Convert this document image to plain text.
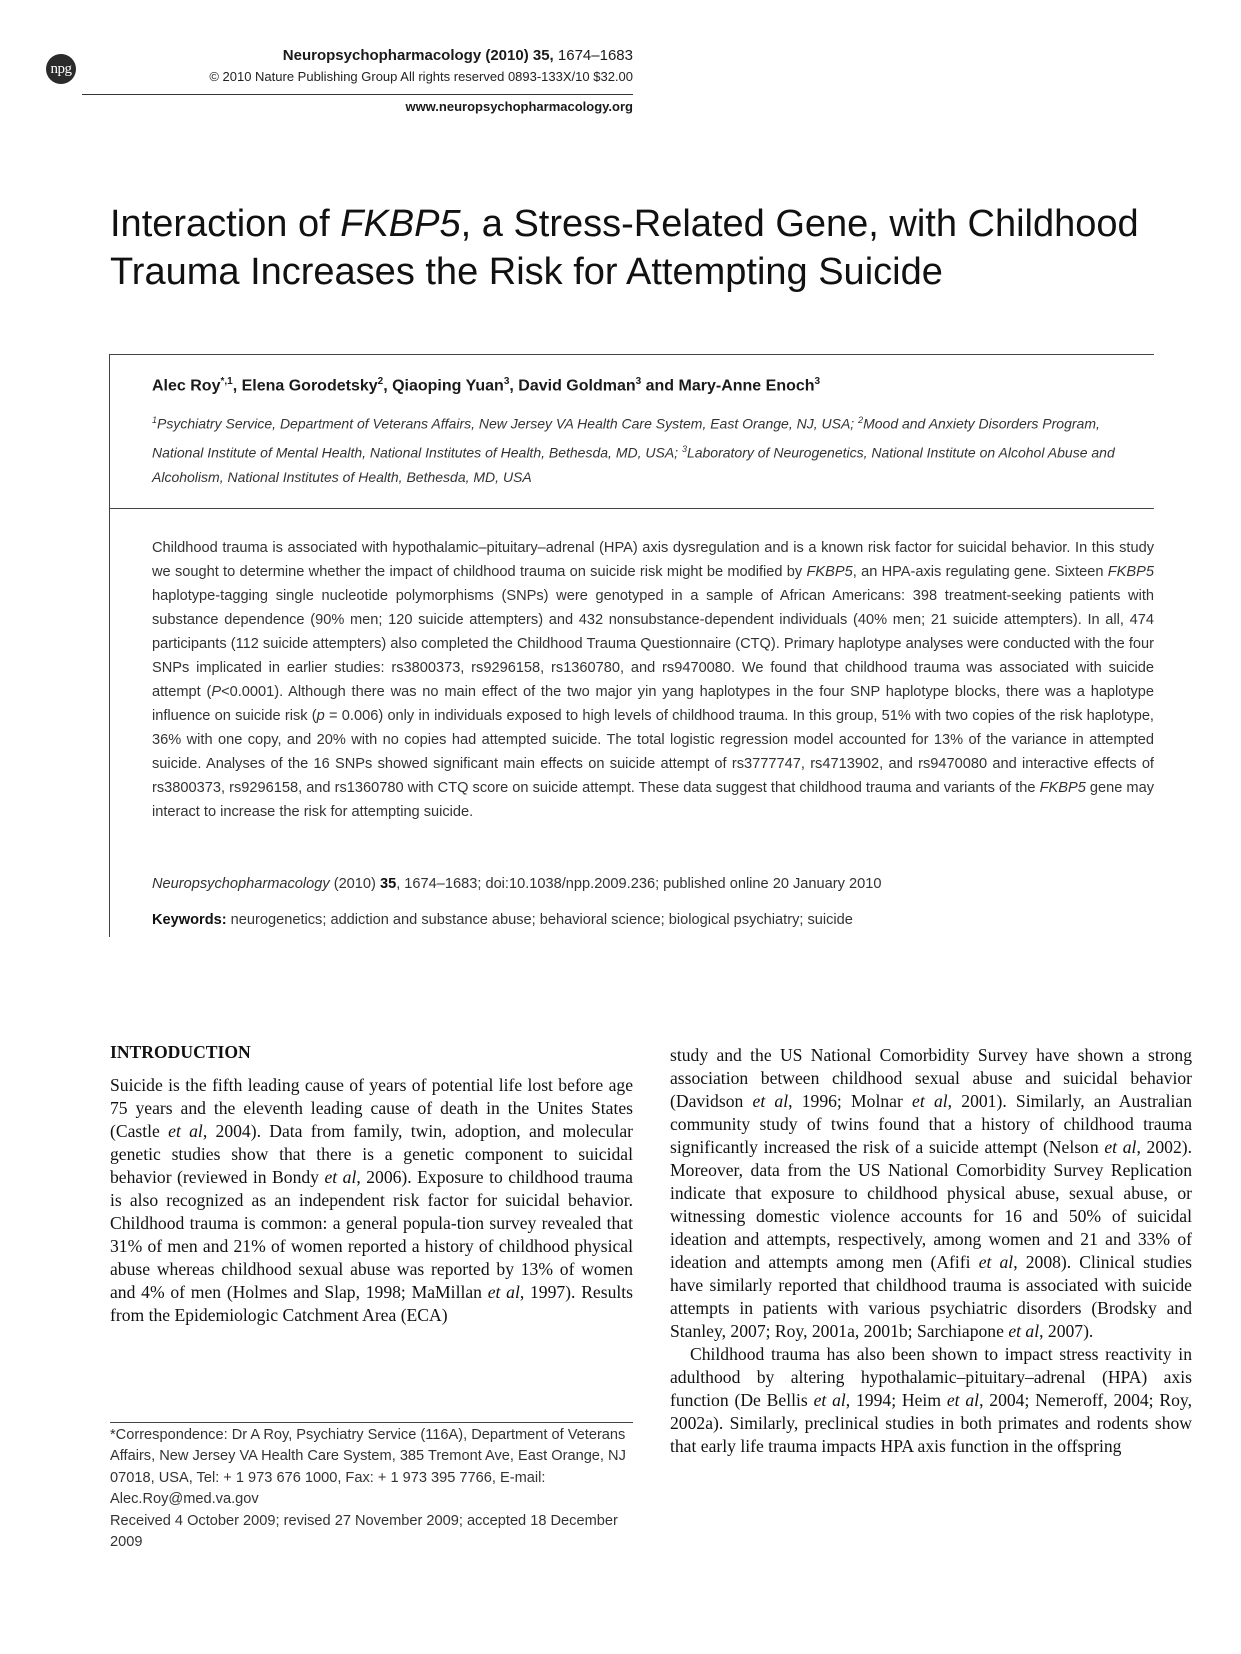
npg
Neuropsychopharmacology (2010) 35, 1674–1683
© 2010 Nature Publishing Group All rights reserved 0893-133X/10 $32.00
www.neuropsychopharmacology.org
Interaction of FKBP5, a Stress-Related Gene, with Childhood Trauma Increases the Risk for Attempting Suicide
Alec Roy$^{*,1}$, Elena Gorodetsky$^2$, Qiaoping Yuan$^3$, David Goldman$^3$ and Mary-Anne Enoch$^3$
$^1$Psychiatry Service, Department of Veterans Affairs, New Jersey VA Health Care System, East Orange, NJ, USA; $^2$Mood and Anxiety Disorders Program, National Institute of Mental Health, National Institutes of Health, Bethesda, MD, USA; $^3$Laboratory of Neurogenetics, National Institute on Alcohol Abuse and Alcoholism, National Institutes of Health, Bethesda, MD, USA
Childhood trauma is associated with hypothalamic–pituitary–adrenal (HPA) axis dysregulation and is a known risk factor for suicidal behavior. In this study we sought to determine whether the impact of childhood trauma on suicide risk might be modified by FKBP5, an HPA-axis regulating gene. Sixteen FKBP5 haplotype-tagging single nucleotide polymorphisms (SNPs) were genotyped in a sample of African Americans: 398 treatment-seeking patients with substance dependence (90% men; 120 suicide attempters) and 432 nonsubstance-dependent individuals (40% men; 21 suicide attempters). In all, 474 participants (112 suicide attempters) also completed the Childhood Trauma Questionnaire (CTQ). Primary haplotype analyses were conducted with the four SNPs implicated in earlier studies: rs3800373, rs9296158, rs1360780, and rs9470080. We found that childhood trauma was associated with suicide attempt (P<0.0001). Although there was no main effect of the two major yin yang haplotypes in the four SNP haplotype blocks, there was a haplotype influence on suicide risk (p = 0.006) only in individuals exposed to high levels of childhood trauma. In this group, 51% with two copies of the risk haplotype, 36% with one copy, and 20% with no copies had attempted suicide. The total logistic regression model accounted for 13% of the variance in attempted suicide. Analyses of the 16 SNPs showed significant main effects on suicide attempt of rs3777747, rs4713902, and rs9470080 and interactive effects of rs3800373, rs9296158, and rs1360780 with CTQ score on suicide attempt. These data suggest that childhood trauma and variants of the FKBP5 gene may interact to increase the risk for attempting suicide.
Neuropsychopharmacology (2010) 35, 1674–1683; doi:10.1038/npp.2009.236; published online 20 January 2010
Keywords: neurogenetics; addiction and substance abuse; behavioral science; biological psychiatry; suicide
INTRODUCTION

Suicide is the fifth leading cause of years of potential life lost before age 75 years and the eleventh leading cause of death in the Unites States (Castle et al, 2004). Data from family, twin, adoption, and molecular genetic studies show that there is a genetic component to suicidal behavior (reviewed in Bondy et al, 2006). Exposure to childhood trauma is also recognized as an independent risk factor for suicidal behavior. Childhood trauma is common: a general popula-tion survey revealed that 31% of men and 21% of women reported a history of childhood physical abuse whereas childhood sexual abuse was reported by 13% of women and 4% of men (Holmes and Slap, 1998; MaMillan et al, 1997). Results from the Epidemiologic Catchment Area (ECA)

*Correspondence: Dr A Roy, Psychiatry Service (116A), Department of Veterans Affairs, New Jersey VA Health Care System, 385 Tremont Ave, East Orange, NJ 07018, USA, Tel: + 1 973 676 1000, Fax: + 1 973 395 7766, E-mail: Alec.Roy@med.va.gov

Received 4 October 2009; revised 27 November 2009; accepted 18 December 2009

study and the US National Comorbidity Survey have shown a strong association between childhood sexual abuse and suicidal behavior (Davidson et al, 1996; Molnar et al, 2001). Similarly, an Australian community study of twins found that a history of childhood trauma significantly increased the risk of a suicide attempt (Nelson et al, 2002). Moreover, data from the US National Comorbidity Survey Replication indicate that exposure to childhood physical abuse, sexual abuse, or witnessing domestic violence accounts for 16 and 50% of suicidal ideation and attempts, respectively, among women and 21 and 33% of ideation and attempts among men (Afifi et al, 2008). Clinical studies have similarly reported that childhood trauma is associated with suicide attempts in patients with various psychiatric disorders (Brodsky and Stanley, 2007; Roy, 2001a, 2001b; Sarchiapone et al, 2007).

Childhood trauma has also been shown to impact stress reactivity in adulthood by altering hypothalamic–pituitary–adrenal (HPA) axis function (De Bellis et al, 1994; Heim et al, 2004; Nemeroff, 2004; Roy, 2002a). Similarly, preclinical studies in both primates and rodents show that early life trauma impacts HPA axis function in the offspring
